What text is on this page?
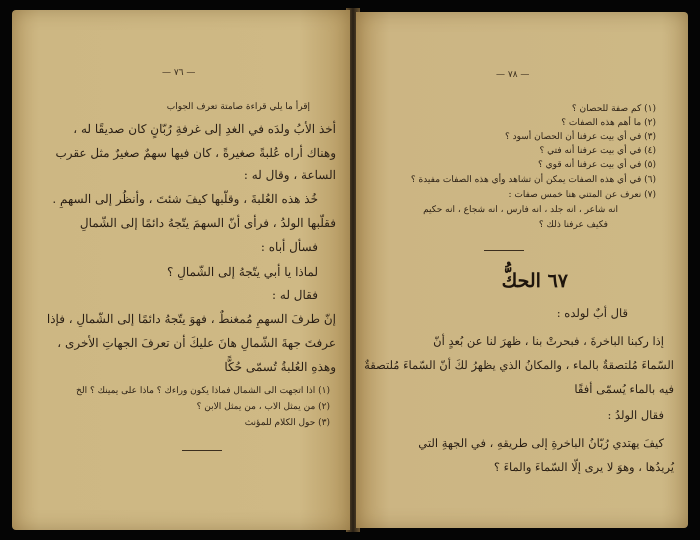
— ٧٦ —
إقرأ ما يلي قراءة صامتة تعرف الجواب
أخذ الأبُ ولدَه في الغدِ إلى غرفةِ رُبّانٍ كان صديقًا له ،
وهناك أراه عُلبةً صغيرةً ، كان فيها سهمٌ صغيرٌ مثل عقرب
الساعة ، وقال له :
خُذ هذه العُلبةَ ، وقلّبها كيفَ شئتَ ، وأنظُر إلى السهمِ .
فقلّبها الولدُ ، فرأى أنّ السهمَ يتّجهُ دائمًا إلى الشّمالِ
فسأل أباه :
لماذا يا أبي يتّجهُ إلى الشّمالِ ؟
فقال له :
إنّ طرفَ السهمِ مُمغنطٌ ، فهوَ يتّجهُ دائمًا إلى الشّمالِ ، فإذا
عرفتَ جهةَ الشّمالِ هانَ عليكَ أن تعرفَ الجهاتِ الأخرى ،
وهذهِ العُلبةُ تُسمّى حُكًّا
(١) اذا اتجهت الى الشمال فماذا يكون وراءك ؟ ماذا على يمينك ؟ الخ
(٢) من يمثل الاب ، من يمثل الابن ؟
(٣) حول الكلام للمؤنث
— ٧٨ —
(١) كم صفة للحصان ؟
(٢) ما أهم هذه الصفات ؟
(٣) في أي بيت عرفنا أن الحصان أسود ؟
(٤) في أي بيت عرفنا أنه فتي ؟
(٥) في أي بيت عرفنا أنه قوي ؟
(٦) في أي هذه الصفات يمكن أن تشاهد وأي هذه الصفات مفيدة ؟
(٧) نعرف عن المتني هنا خمس صفات :
انه شاعر ، انه جلد ، انه فارس ، انه شجاع ، انه حكيم
فكيف عرفنا ذلك ؟
٦٧ الحكُّ
قال أبٌ لولده :
إذا ركبنا الباخرةَ ، فبحرتْ بنا ، ظهرَ لنا عن بُعدٍ أنّ
السّماءَ مُلتصقةٌ بالماء ، والمكانُ الذي يظهرُ لكَ أنّ السّماءَ مُلتصقةٌ
فيه بالماء يُسمّى أفقًا
فقال الولدُ :
كيفَ يهتدي رُبّانُ الباخرةِ إلى طريقهِ ، في الجهةِ التي
يُريدُها ، وهوَ لا يرى إلّا السّماءَ والماءَ ؟
